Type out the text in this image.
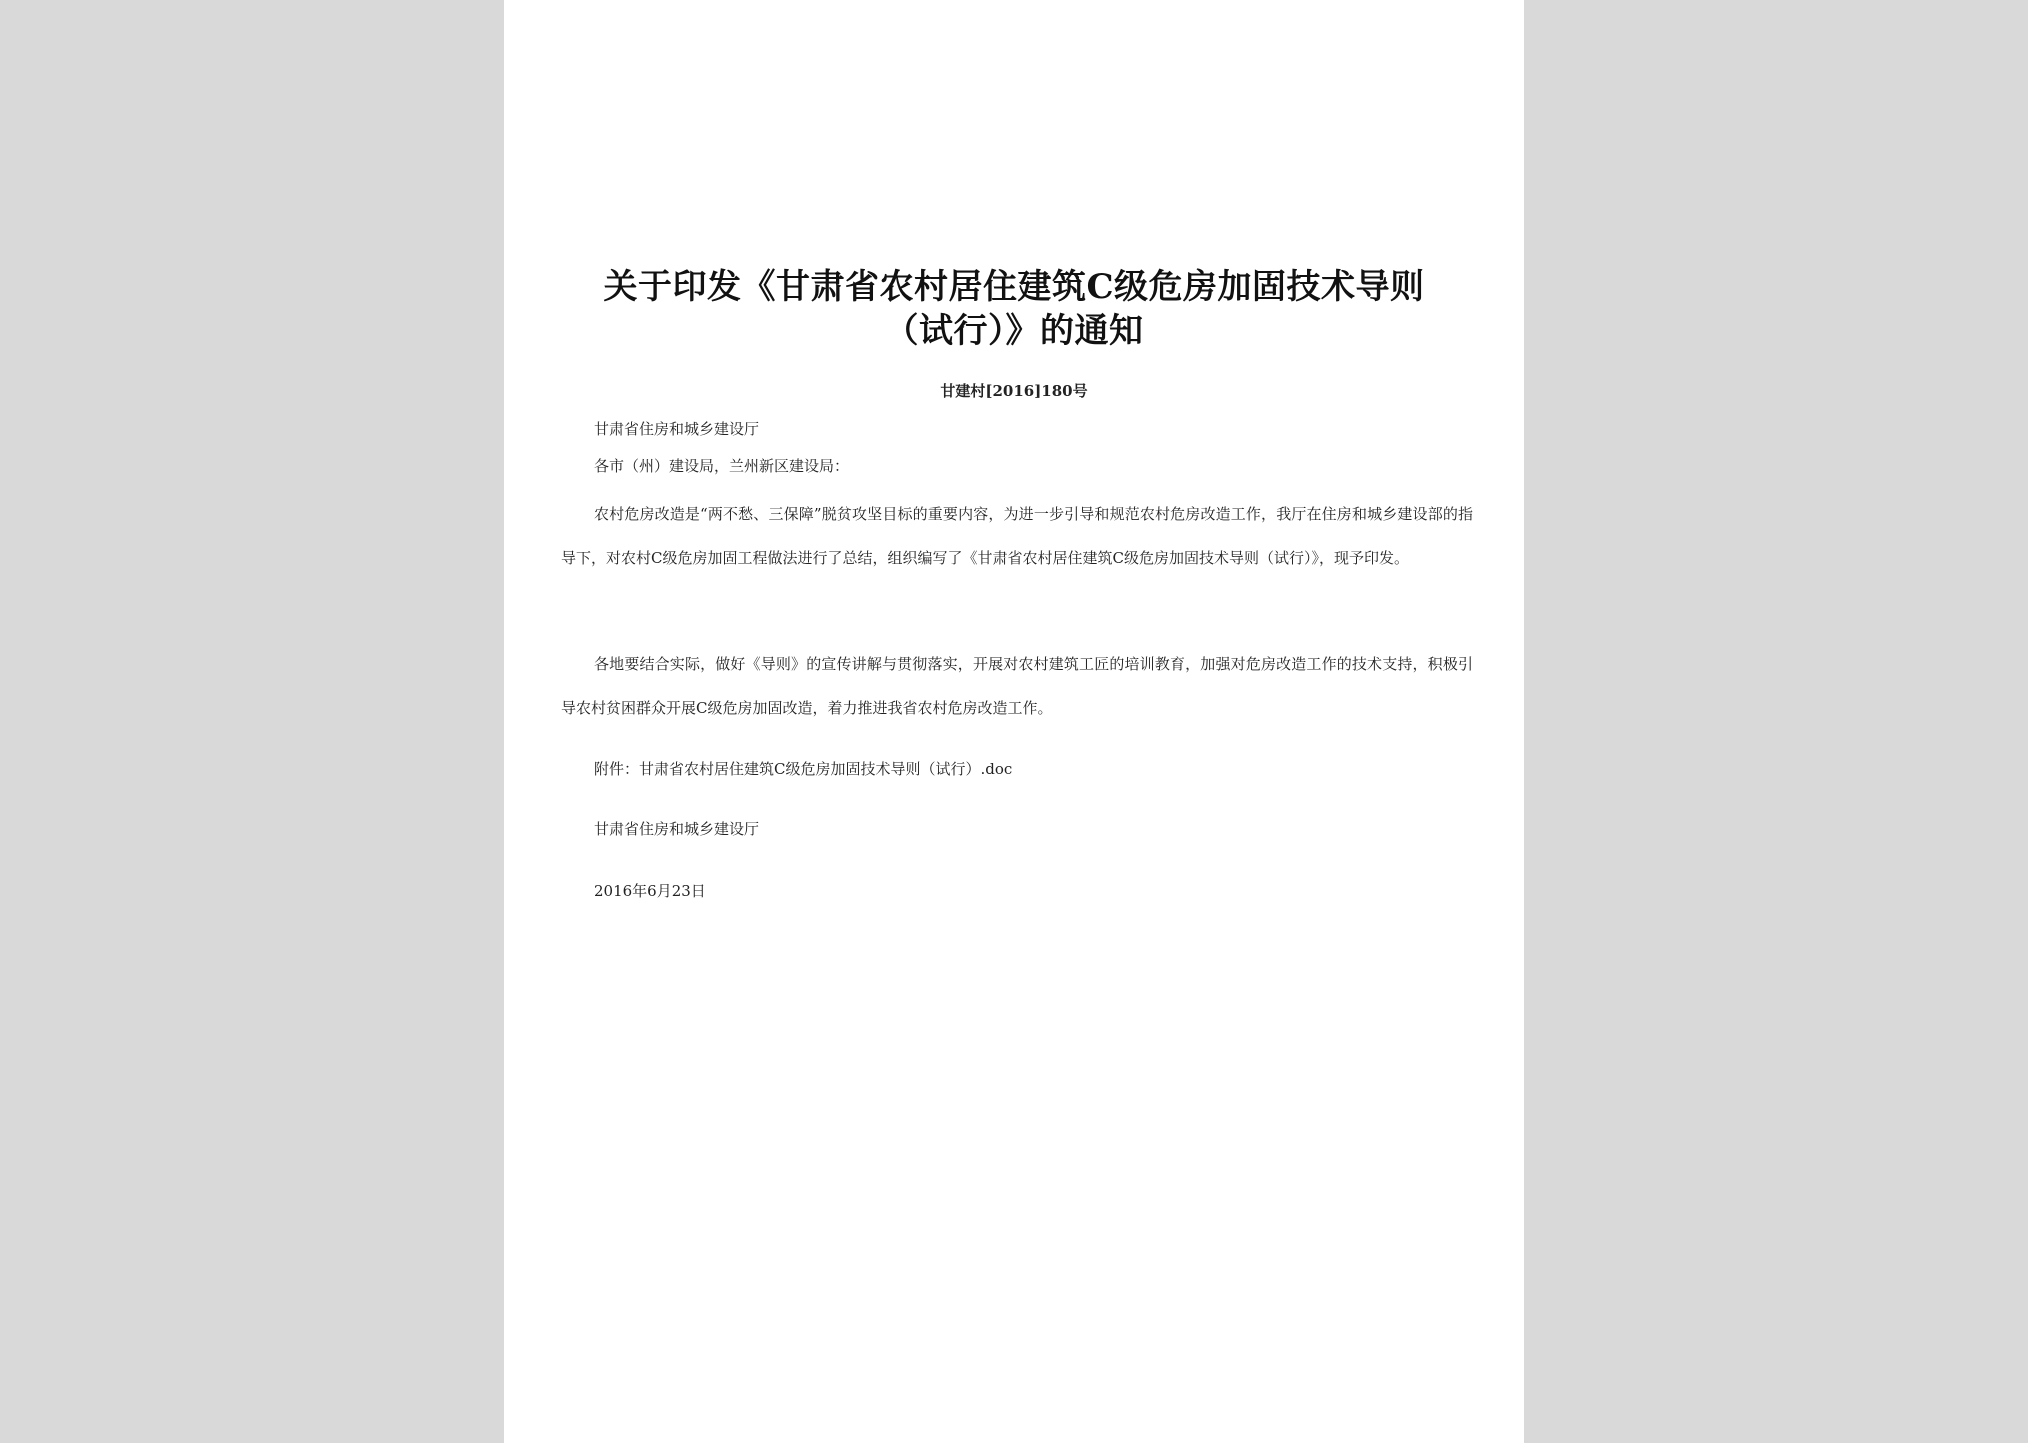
关于印发《甘肃省农村居住建筑C级危房加固技术导则
（试行）》的通知
甘建村[2016]180号
甘肃省住房和城乡建设厅
各市（州）建设局，兰州新区建设局：
农村危房改造是“两不愁、三保障”脱贫攻坚目标的重要内容，为进一步引导和规范农村危房改造工作，我厅在住房和城乡建设部的指导下，对农村C级危房加固工程做法进行了总结，组织编写了《甘肃省农村居住建筑C级危房加固技术导则（试行）》，现予印发。
各地要结合实际，做好《导则》的宣传讲解与贯彻落实，开展对农村建筑工匠的培训教育，加强对危房改造工作的技术支持，积极引导农村贫困群众开展C级危房加固改造，着力推进我省农村危房改造工作。
附件：甘肃省农村居住建筑C级危房加固技术导则（试行）.doc
甘肃省住房和城乡建设厅
2016年6月23日
